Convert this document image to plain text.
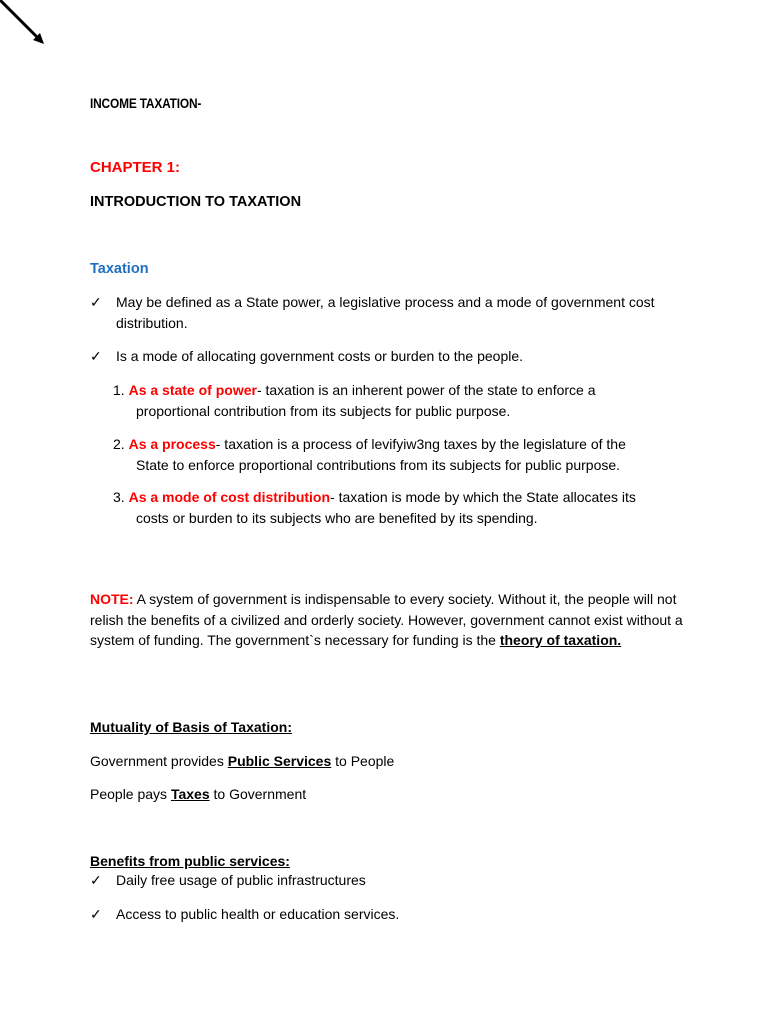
INCOME TAXATION-

CHAPTER 1:

INTRODUCTION TO TAXATION

Taxation

✓	May be defined as a State power, a legislative process and a mode of government cost distribution.
✓	Is a mode of allocating government costs or burden to the people.
1. As a state of power- taxation is an inherent power of the state to enforce a
proportional contribution from its subjects for public purpose.
2. As a process- taxation is a process of levifyiw3ng taxes by the legislature of the
State to enforce proportional contributions from its subjects for public purpose.
3. As a mode of cost distribution- taxation is mode by which the State allocates its
costs or burden to its subjects who are benefited by its spending.

NOTE: A system of government is indispensable to every society. Without it, the people will not relish the benefits of a civilized and orderly society. However, government cannot exist without a system of funding. The government`s necessary for funding is the theory of taxation.

Mutuality of Basis of Taxation:

Government provides Public Services to People

People pays Taxes to Government

Benefits from public services:

✓	Daily free usage of public infrastructures
✓	Access to public health or education services.
